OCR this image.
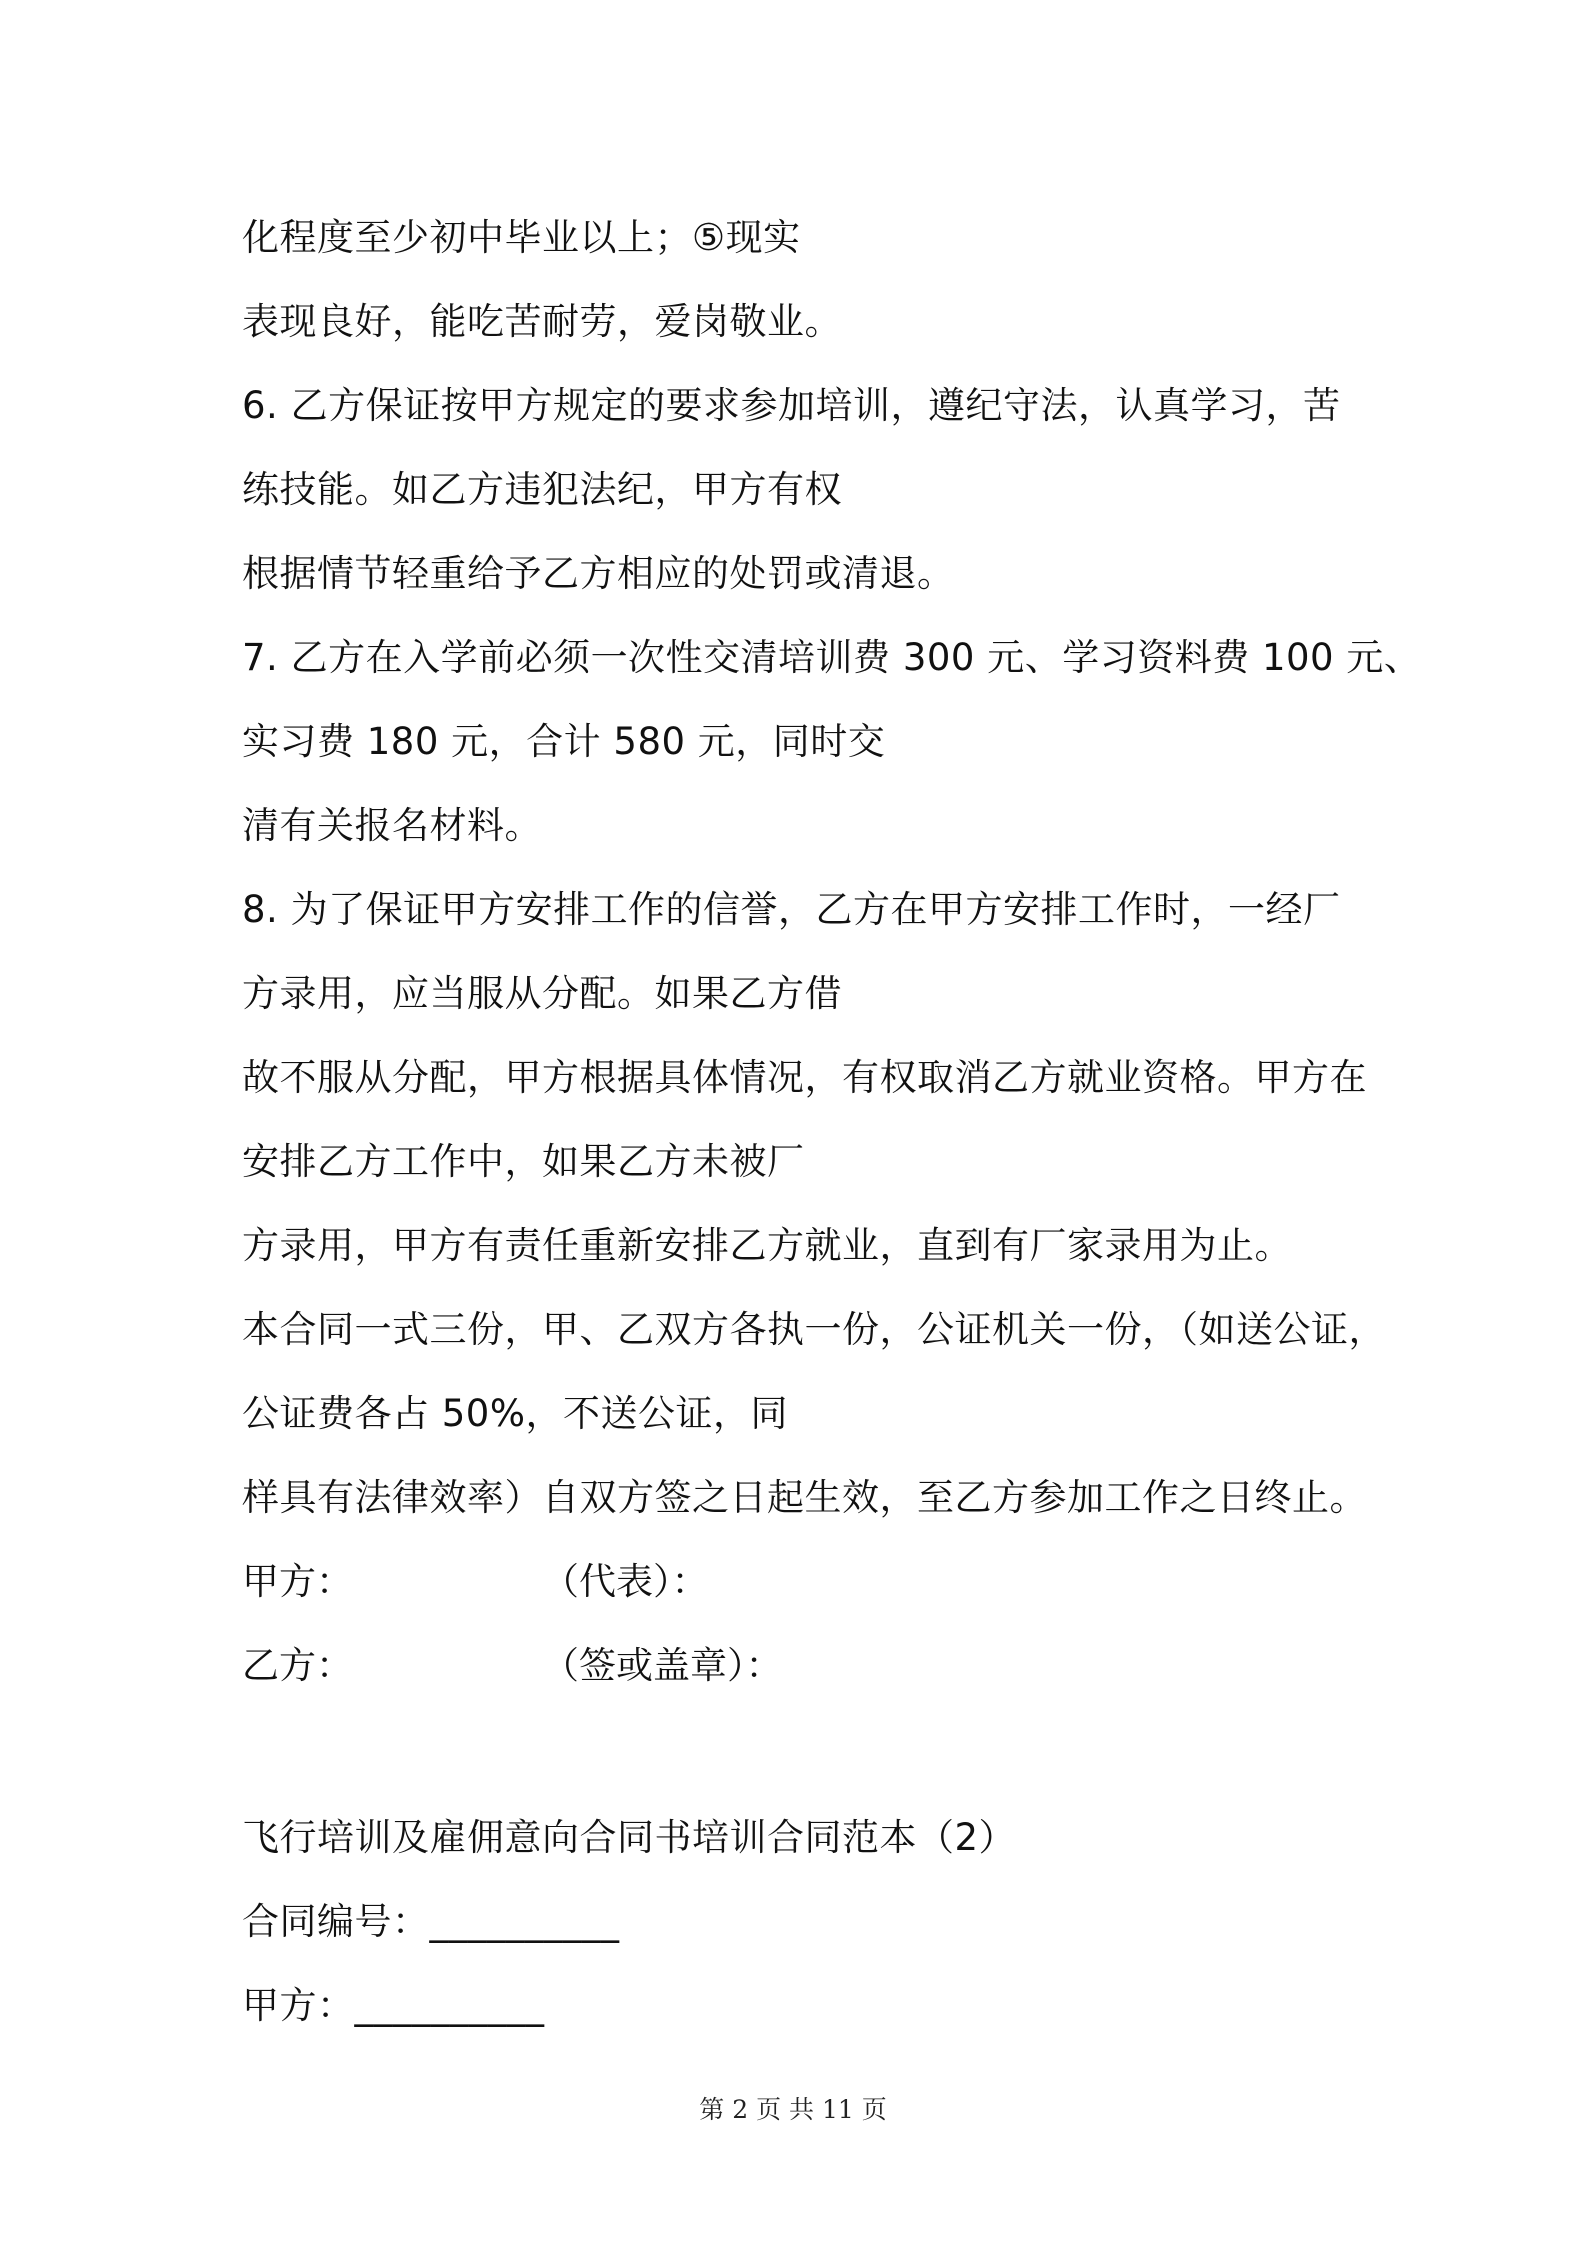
化程度至少初中毕业以上；⑤现实
表现良好，能吃苦耐劳，爱岗敬业。
6. 乙方保证按甲方规定的要求参加培训，遵纪守法，认真学习，苦
练技能。如乙方违犯法纪，甲方有权
根据情节轻重给予乙方相应的处罚或清退。
7. 乙方在入学前必须一次性交清培训费 300 元、学习资料费 100 元、
实习费 180 元，合计 580 元，同时交
清有关报名材料。
8. 为了保证甲方安排工作的信誉，乙方在甲方安排工作时，一经厂
方录用，应当服从分配。如果乙方借
故不服从分配，甲方根据具体情况，有权取消乙方就业资格。甲方在
安排乙方工作中，如果乙方未被厂
方录用，甲方有责任重新安排乙方就业，直到有厂家录用为止。
本合同一式三份，甲、乙双方各执一份，公证机关一份，（如送公证，
公证费各占 50%，不送公证，同
样具有法律效率）自双方签之日起生效，至乙方参加工作之日终止。
甲方：	（代表）：
乙方：	（签或盖章）：
飞行培训及雇佣意向合同书培训合同范本（2）
合同编号：__________
甲方：__________
第 2 页 共 11 页
